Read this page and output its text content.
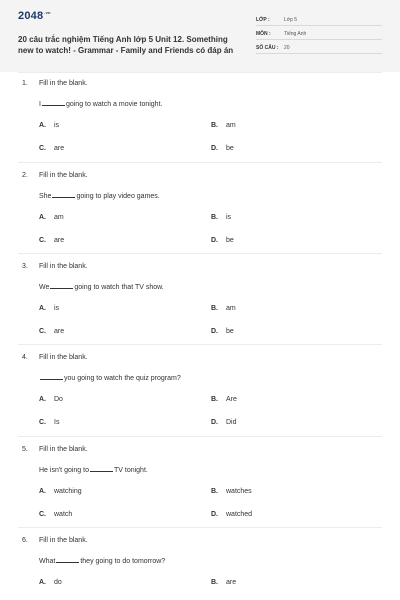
$2048^{.vn}$
20 câu trắc nghiệm Tiếng Anh lớp 5 Unit 12. Something new to watch! - Grammar - Family and Friends có đáp án
LỚP :	Lớp 5
MÔN :	Tiếng Anh
SỐ CÂU : 20
1. Fill in the blank.
I	going to watch a movie tonight.
A. is	B. am
C. are	D. be
2. Fill in the blank.
She	going to play video games.
A. am	B. is
C. are	D. be
3. Fill in the blank.
We	going to watch that TV show.
A. is	B. am
C. are	D. be
4. Fill in the blank.
you going to watch the quiz program?
A. Do	B. Are
C. Is	D. Did
5. Fill in the blank.
He isn't going to	TV tonight.
A. watching	B. watches
C. watch	D. watched
6. Fill in the blank.
What	they going to do tomorrow?
A. do	B. are
